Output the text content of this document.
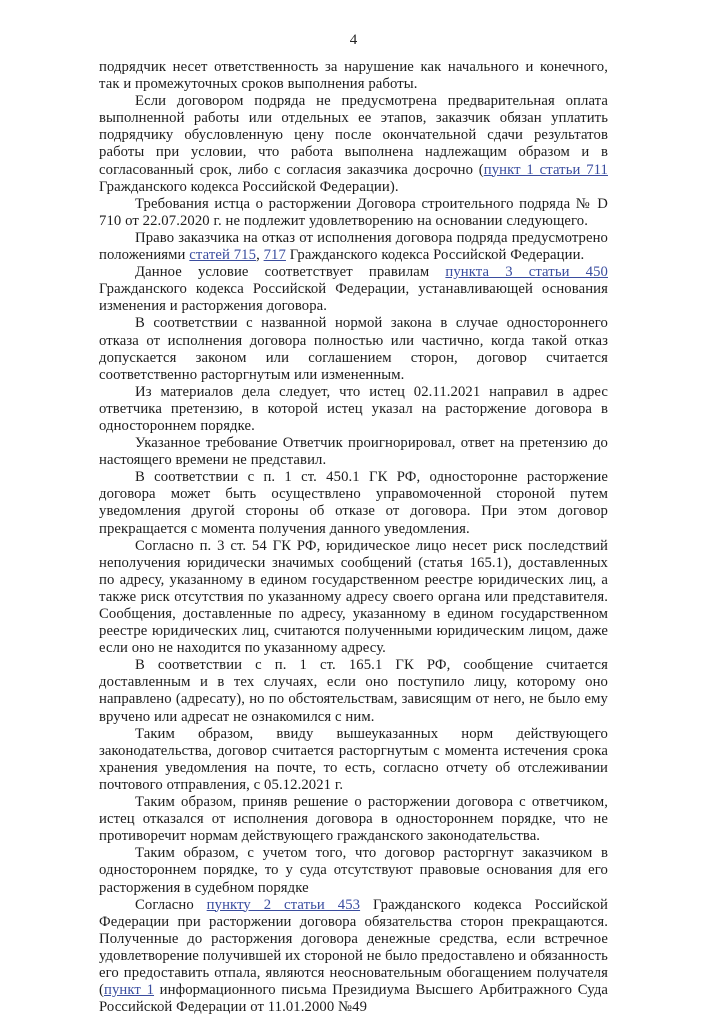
4

подрядчик несет ответственность за нарушение как начального и конечного, так и промежуточных сроков выполнения работы.

Если договором подряда не предусмотрена предварительная оплата выполненной работы или отдельных ее этапов, заказчик обязан уплатить подрядчику обусловленную цену после окончательной сдачи результатов работы при условии, что работа выполнена надлежащим образом и в согласованный срок, либо с согласия заказчика досрочно (пункт 1 статьи 711 Гражданского кодекса Российской Федерации).

Требования истца о расторжении Договора строительного подряда № D 710 от 22.07.2020 г. не подлежит удовлетворению на основании следующего.

Право заказчика на отказ от исполнения договора подряда предусмотрено положениями статей 715, 717 Гражданского кодекса Российской Федерации.

Данное условие соответствует правилам пункта 3 статьи 450 Гражданского кодекса Российской Федерации, устанавливающей основания изменения и расторжения договора.

В соответствии с названной нормой закона в случае одностороннего отказа от исполнения договора полностью или частично, когда такой отказ допускается законом или соглашением сторон, договор считается соответственно расторгнутым или измененным.

Из материалов дела следует, что истец 02.11.2021 направил в адрес ответчика претензию, в которой истец указал на расторжение договора в одностороннем порядке.

Указанное требование Ответчик проигнорировал, ответ на претензию до настоящего времени не представил.

В соответствии с п. 1 ст. 450.1 ГК РФ, односторонне расторжение договора может быть осуществлено управомоченной стороной путем уведомления другой стороны об отказе от договора. При этом договор прекращается с момента получения данного уведомления.

Согласно п. 3 ст. 54 ГК РФ, юридическое лицо несет риск последствий неполучения юридически значимых сообщений (статья 165.1), доставленных по адресу, указанному в едином государственном реестре юридических лиц, а также риск отсутствия по указанному адресу своего органа или представителя. Сообщения, доставленные по адресу, указанному в едином государственном реестре юридических лиц, считаются полученными юридическим лицом, даже если оно не находится по указанному адресу.

В соответствии с п. 1 ст. 165.1 ГК РФ, сообщение считается доставленным и в тех случаях, если оно поступило лицу, которому оно направлено (адресату), но по обстоятельствам, зависящим от него, не было ему вручено или адресат не ознакомился с ним.

Таким образом, ввиду вышеуказанных норм действующего законодательства, договор считается расторгнутым с момента истечения срока хранения уведомления на почте, то есть, согласно отчету об отслеживании почтового отправления, с 05.12.2021 г.

Таким образом, приняв решение о расторжении договора с ответчиком, истец отказался от исполнения договора в одностороннем порядке, что не противоречит нормам действующего гражданского законодательства.

Таким образом, с учетом того, что договор расторгнут заказчиком в одностороннем порядке, то у суда отсутствуют правовые основания для его расторжения в судебном порядке

Согласно пункту 2 статьи 453 Гражданского кодекса Российской Федерации при расторжении договора обязательства сторон прекращаются. Полученные до расторжения договора денежные средства, если встречное удовлетворение получившей их стороной не было предоставлено и обязанность его предоставить отпала, являются неосновательным обогащением получателя (пункт 1 информационного письма Президиума Высшего Арбитражного Суда Российской Федерации от 11.01.2000 №49
